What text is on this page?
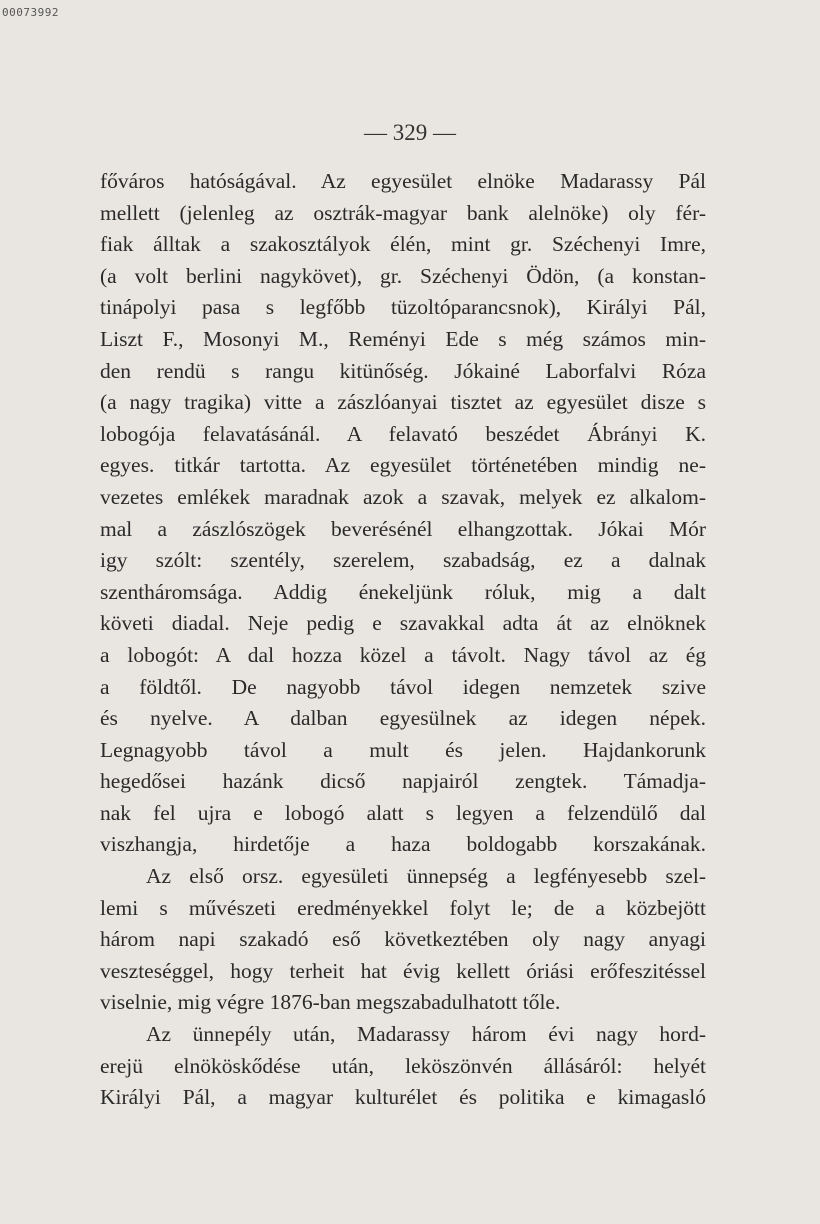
00073992
— 329 —
főváros hatóságával. Az egyesület elnöke Madarassy Pál
mellett (jelenleg az osztrák-magyar bank alelnöke) oly fér-
fiak álltak a szakosztályok élén, mint gr. Széchenyi Imre,
(a volt berlini nagykövet), gr. Széchenyi Ödön, (a konstan-
tinápolyi pasa s legfőbb tüzoltóparancsnok), Királyi Pál,
Liszt F., Mosonyi M., Reményi Ede s még számos min-
den rendü s rangu kitünőség. Jókainé Laborfalvi Róza
(a nagy tragika) vitte a zászlóanyai tisztet az egyesület disze s
lobogója felavatásánál. A felavató beszédet Ábrányi K.
egyes. titkár tartotta. Az egyesület történetében mindig ne-
vezetes emlékek maradnak azok a szavak, melyek ez alkalom-
mal a zászlószögek beverésénél elhangzottak. Jókai Mór
igy szólt: szentély, szerelem, szabadság, ez a dalnak
szentháromsága. Addig énekeljünk róluk, mig a dalt
követi diadal. Neje pedig e szavakkal adta át az elnöknek
a lobogót: A dal hozza közel a távolt. Nagy távol az ég
a földtől. De nagyobb távol idegen nemzetek szive
és nyelve. A dalban egyesülnek az idegen népek.
Legnagyobb távol a mult és jelen. Hajdankorunk
hegedősei hazánk dicső napjairól zengtek. Támadja-
nak fel ujra e lobogó alatt s legyen a felzendülő dal
viszhangja, hirdetője a haza boldogabb korszakának.
Az első orsz. egyesületi ünnepség a legfényesebb szel-
lemi s művészeti eredményekkel folyt le; de a közbejött
három napi szakadó eső következtében oly nagy anyagi
veszteséggel, hogy terheit hat évig kellett óriási erőfeszitéssel
viselnie, mig végre 1876-ban megszabadulhatott tőle.
Az ünnepély után, Madarassy három évi nagy hord-
erejü elnököskődése után, leköszönvén állásáról: helyét
Királyi Pál, a magyar kulturélet és politika e kimagasló
